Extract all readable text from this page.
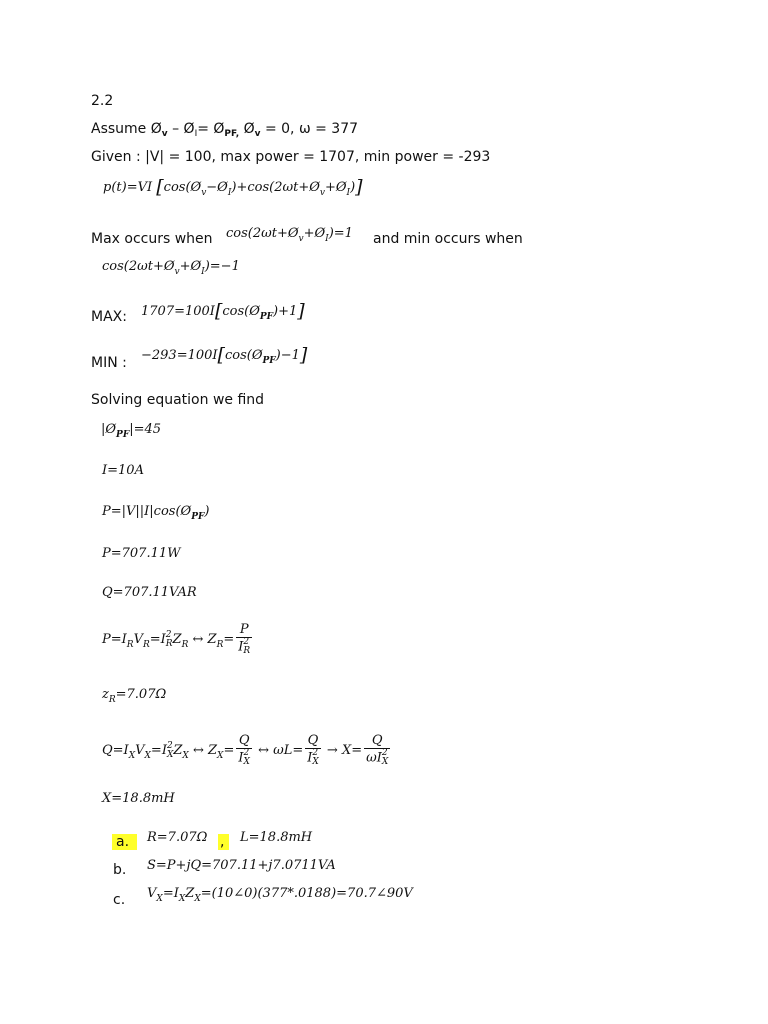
2.2
Assume $Ø_v$ – $Ø_I=$ $Ø_{PF,}$ $Ø_v = 0$, ω = 377
Given : |V| = 100, max power = 1707, min power = -293
p(t)=VI $[\cos(Ø_v-Ø_I)+\cos(2\omega t+Ø_v+Ø_I)]$
Max occurs when $\cos(2\omega t+Ø_v+Ø_I)=1$ and min occurs when
$\cos(2\omega t+Ø_v+Ø_I)=-1$
MAX: $1707=100I[\cos(Ø_{PF})+1]$
MIN : $-293=100I[\cos(Ø_{PF})-1]$
Solving equation we find
$|Ø_{PF}|=45$
I=10A
$P=|V||I|\cos(Ø_{PF})$
P=707.11W
Q=707.11VAR
$P=I_RV_R=I$ 2
R $Z_R$ ↔ $Z_R= P$
I 2
R
$z_R=7.07\Omega$
$Q=I_XV_X=I$ 2
X $Z_X$ ↔ $Z_X= Q$
I 2
X ↔ ωL= Q
I 2
X → X= Q
ωI 2
X
X=18.8mH
a.	R=7.07Ω ,	L=18.8mH
b. S=P+jQ=707.11+j7.0711VA
c. $V_X=I_XZ_X=(10\angle 0)(377*.0188)=70.7\angle 90V$
